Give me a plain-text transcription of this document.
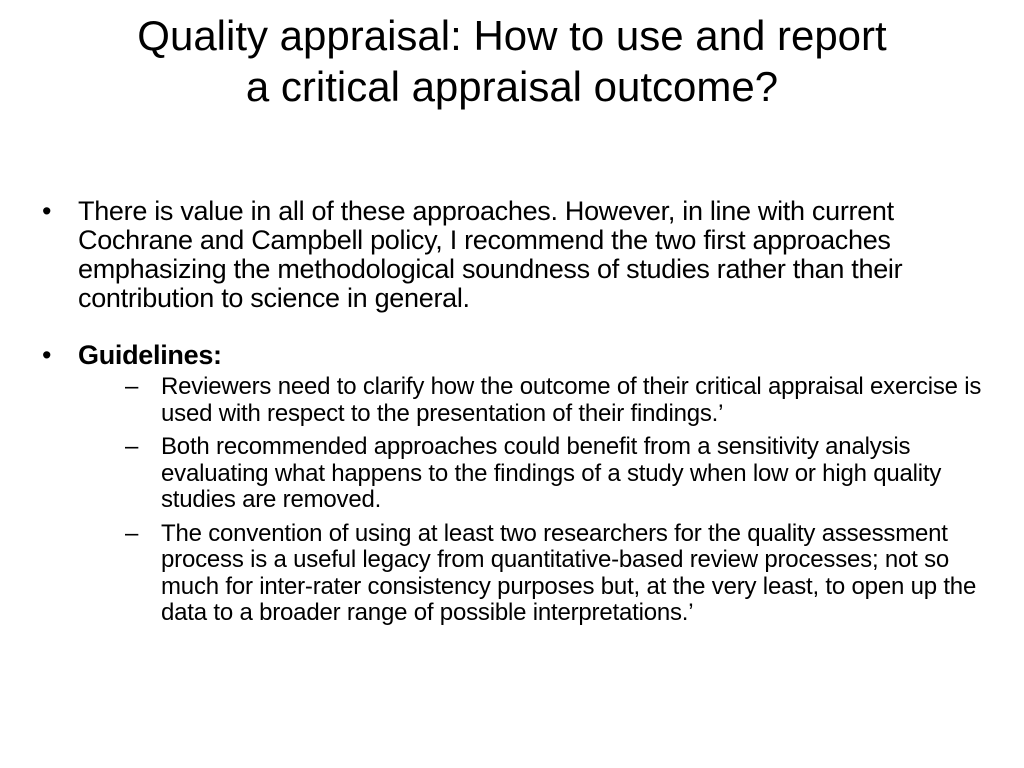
Quality appraisal: How to use and report
a critical appraisal outcome?
• There is value in all of these approaches. However, in line with current Cochrane and Campbell policy, I recommend the two first approaches emphasizing the methodological soundness of studies rather than their contribution to science in general.
• Guidelines:
– Reviewers need to clarify how the outcome of their critical appraisal exercise is used with respect to the presentation of their findings.’
– Both recommended approaches could benefit from a sensitivity analysis evaluating what happens to the findings of a study when low or high quality studies are removed.
– The convention of using at least two researchers for the quality assessment process is a useful legacy from quantitative-based review processes; not so much for inter-rater consistency purposes but, at the very least, to open up the data to a broader range of possible interpretations.’
